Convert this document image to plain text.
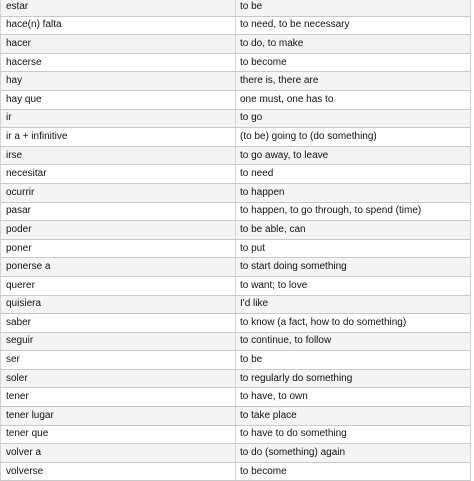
estar	to be
hace(n) falta	to need, to be necessary
hacer	to do, to make
hacerse	to become
hay	there is, there are
hay que	one must, one has to
ir	to go
ir a + infinitive	(to be) going to (do something)
irse	to go away, to leave
necesitar	to need
ocurrir	to happen
pasar	to happen, to go through, to spend (time)
poder	to be able, can
poner	to put
ponerse a	to start doing something
querer	to want; to love
quisiera	I'd like
saber	to know (a fact, how to do something)
seguir	to continue, to follow
ser	to be
soler	to regularly do something
tener	to have, to own
tener lugar	to take place
tener que	to have to do something
volver a	to do (something) again
volverse	to become
